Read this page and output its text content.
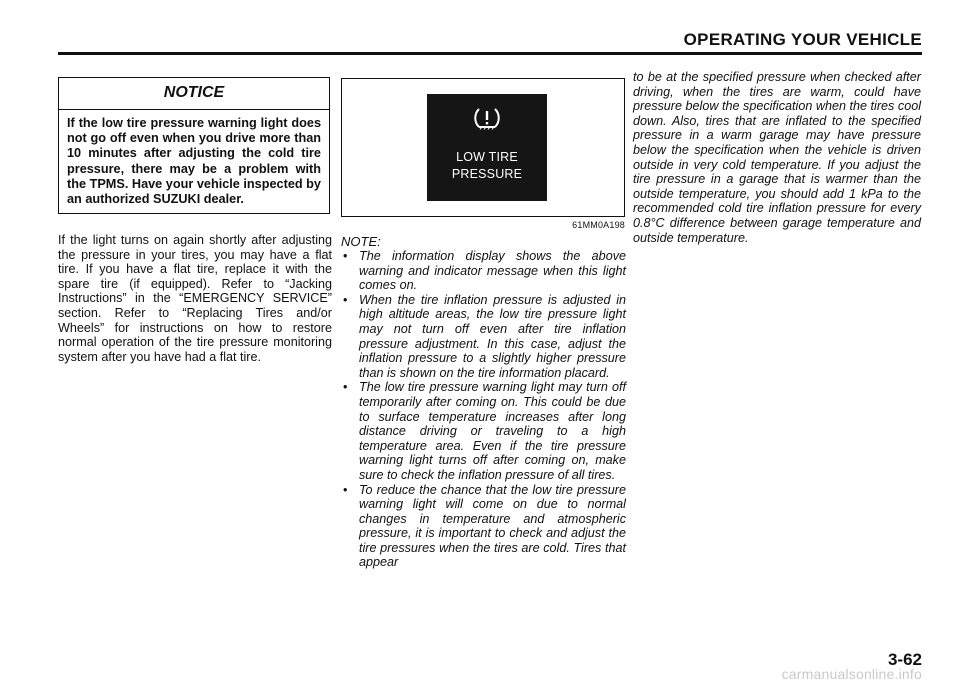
OPERATING YOUR VEHICLE
NOTICE
If the low tire pressure warning light does not go off even when you drive more than 10 minutes after adjusting the cold tire pressure, there may be a problem with the TPMS. Have your vehicle inspected by an authorized SUZUKI dealer.
If the light turns on again shortly after adjusting the pressure in your tires, you may have a flat tire. If you have a flat tire, replace it with the spare tire (if equipped). Refer to “Jacking Instructions” in the “EMERGENCY SERVICE” section. Refer to “Replacing Tires and/or Wheels” for instructions on how to restore normal operation of the tire pressure monitoring system after you have had a flat tire.
LOW TIRE
PRESSURE
61MM0A198
NOTE:
• The information display shows the above warning and indicator message when this light comes on.
• When the tire inflation pressure is adjusted in high altitude areas, the low tire pressure light may not turn off even after tire inflation pressure adjustment. In this case, adjust the inflation pressure to a slightly higher pressure than is shown on the tire information placard.
• The low tire pressure warning light may turn off temporarily after coming on. This could be due to surface temperature increases after long distance driving or traveling to a high temperature area. Even if the tire pressure warning light turns off after coming on, make sure to check the inflation pressure of all tires.
• To reduce the chance that the low tire pressure warning light will come on due to normal changes in temperature and atmospheric pressure, it is important to check and adjust the tire pressures when the tires are cold. Tires that appear
to be at the specified pressure when checked after driving, when the tires are warm, could have pressure below the specification when the tires cool down. Also, tires that are inflated to the specified pressure in a warm garage may have pressure below the specification when the vehicle is driven outside in very cold temperature. If you adjust the tire pressure in a garage that is warmer than the outside temperature, you should add 1 kPa to the recommended cold tire inflation pressure for every 0.8°C difference between garage temperature and outside temperature.
3-62
carmanualsonline.info
